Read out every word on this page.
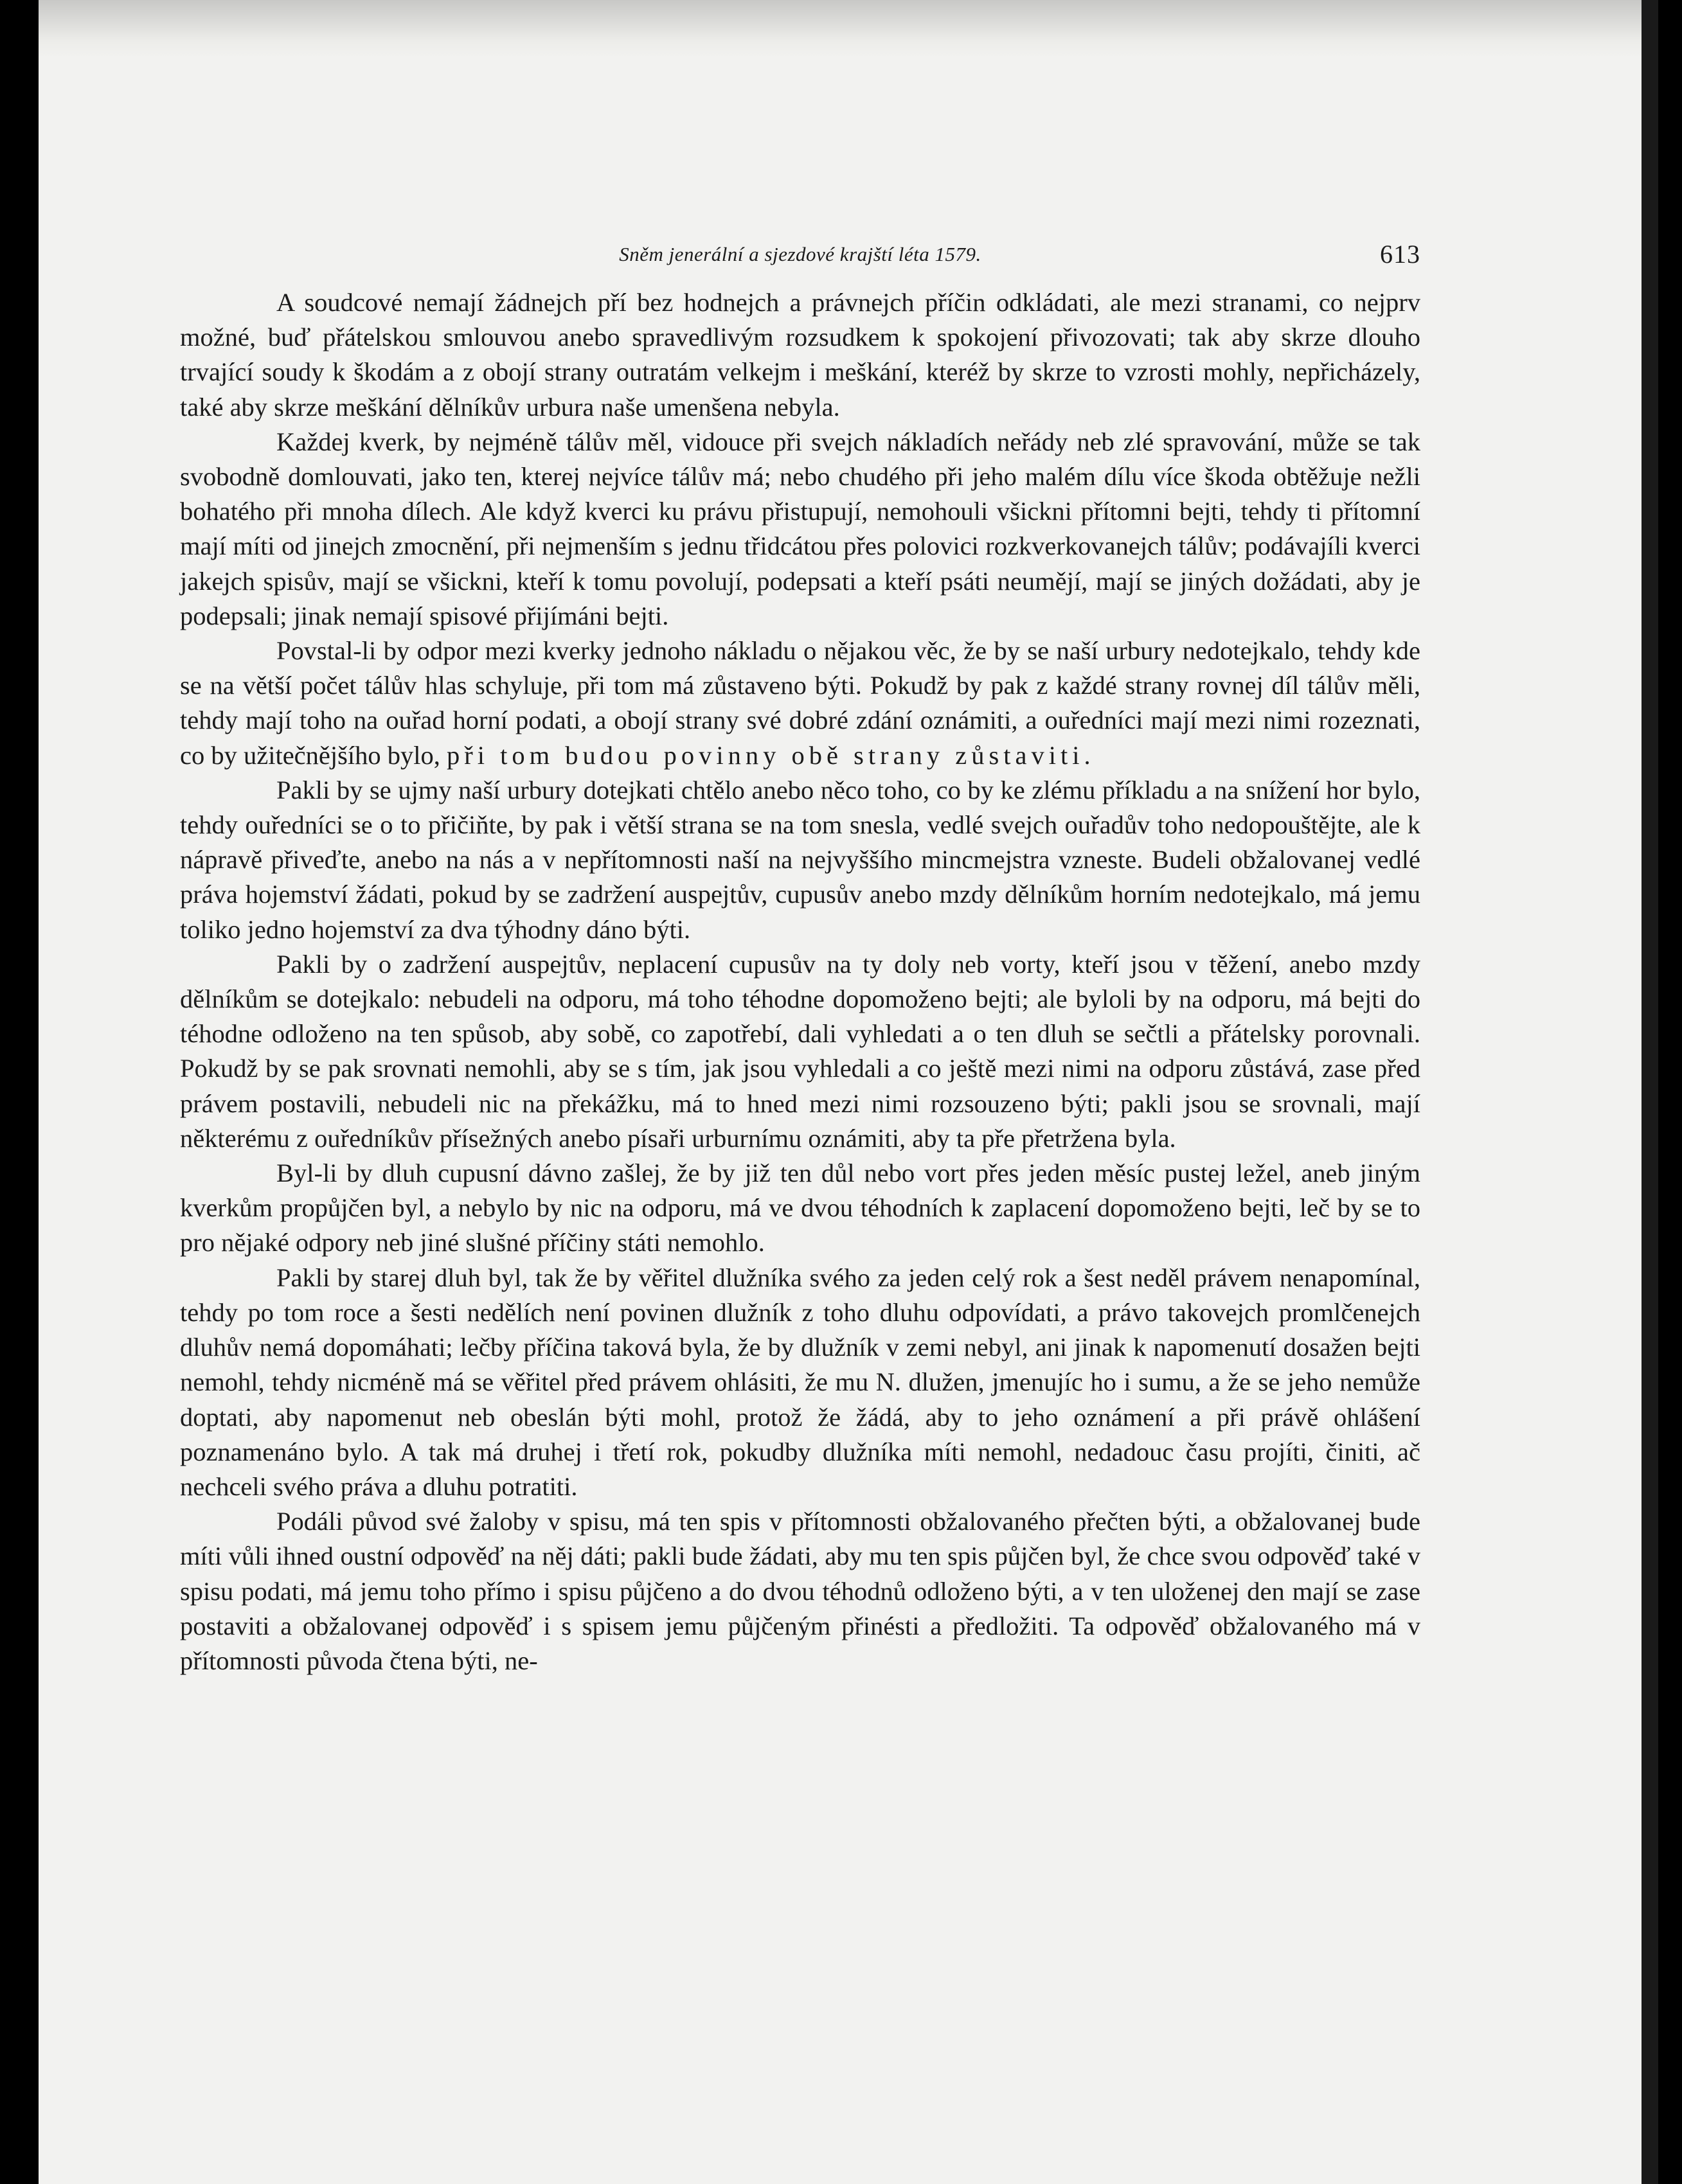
Sněm jenerální a sjezdové krajští léta 1579.	613

A soudcové nemají žádnejch pří bez hodnejch a právnejch příčin odkládati, ale mezi stranami, co nejprv možné, buď přátelskou smlouvou anebo spravedlivým rozsudkem k spokojení přivozovati; tak aby skrze dlouho trvající soudy k škodám a z obojí strany outratám velkejm i meškání, kteréž by skrze to vzrosti mohly, nepřicházely, také aby skrze meškání dělníkův urbura naše umenšena nebyla.

Každej kverk, by nejméně tálův měl, vidouce při svejch nákladích neřády neb zlé spravování, může se tak svobodně domlouvati, jako ten, kterej nejvíce tálův má; nebo chudého při jeho malém dílu více škoda obtěžuje nežli bohatého při mnoha dílech. Ale když kverci ku právu přistupují, nemohouli všickni přítomni bejti, tehdy ti přítomní mají míti od jinejch zmocnění, při nejmenším s jednu třidcátou přes polovici rozkverkovanejch tálův; podávajíli kverci jakejch spisův, mají se všickni, kteří k tomu povolují, podepsati a kteří psáti neumějí, mají se jiných dožádati, aby je podepsali; jinak nemají spisové přijímáni bejti.

Povstal-li by odpor mezi kverky jednoho nákladu o nějakou věc, že by se naší urbury nedotejkalo, tehdy kde se na větší počet tálův hlas schyluje, při tom má zůstaveno býti. Pokudž by pak z každé strany rovnej díl tálův měli, tehdy mají toho na ouřad horní podati, a obojí strany své dobré zdání oznámiti, a ouředníci mají mezi nimi rozeznati, co by užitečnějšího bylo, při tom budou povinny obě strany zůstaviti.

Pakli by se ujmy naší urbury dotejkati chtělo anebo něco toho, co by ke zlému příkladu a na snížení hor bylo, tehdy ouředníci se o to přičiňte, by pak i větší strana se na tom snesla, vedlé svejch ouřadův toho nedopouštějte, ale k nápravě přiveďte, anebo na nás a v nepřítomnosti naší na nejvyššího mincmejstra vzneste. Budeli obžalovanej vedlé práva hojemství žádati, pokud by se zadržení auspejtův, cupusův anebo mzdy dělníkům horním nedotejkalo, má jemu toliko jedno hojemství za dva týhodny dáno býti.

Pakli by o zadržení auspejtův, neplacení cupusův na ty doly neb vorty, kteří jsou v těžení, anebo mzdy dělníkům se dotejkalo: nebudeli na odporu, má toho téhodne dopomoženo bejti; ale byloli by na odporu, má bejti do téhodne odloženo na ten spůsob, aby sobě, co zapotřebí, dali vyhledati a o ten dluh se sečtli a přátelsky porovnali. Pokudž by se pak srovnati nemohli, aby se s tím, jak jsou vyhledali a co ještě mezi nimi na odporu zůstává, zase před právem postavili, nebudeli nic na překážku, má to hned mezi nimi rozsouzeno býti; pakli jsou se srovnali, mají některému z ouředníkův přísežných anebo písaři urburnímu oznámiti, aby ta pře přetržena byla.

Byl-li by dluh cupusní dávno zašlej, že by již ten důl nebo vort přes jeden měsíc pustej ležel, aneb jiným kverkům propůjčen byl, a nebylo by nic na odporu, má ve dvou téhodních k zaplacení dopomoženo bejti, leč by se to pro nějaké odpory neb jiné slušné příčiny státi nemohlo.

Pakli by starej dluh byl, tak že by věřitel dlužníka svého za jeden celý rok a šest neděl právem nenapomínal, tehdy po tom roce a šesti nedělích není povinen dlužník z toho dluhu odpovídati, a právo takovejch promlčenejch dluhův nemá dopomáhati; lečby příčina taková byla, že by dlužník v zemi nebyl, ani jinak k napomenutí dosažen bejti nemohl, tehdy nicméně má se věřitel před právem ohlásiti, že mu N. dlužen, jmenujíc ho i sumu, a že se jeho nemůže doptati, aby napomenut neb obeslán býti mohl, protož že žádá, aby to jeho oznámení a při právě ohlášení poznamenáno bylo. A tak má druhej i třetí rok, pokudby dlužníka míti nemohl, nedadouc času projíti, činiti, ač nechceli svého práva a dluhu potratiti.

Podáli původ své žaloby v spisu, má ten spis v přítomnosti obžalovaného přečten býti, a obžalovanej bude míti vůli ihned oustní odpověď na něj dáti; pakli bude žádati, aby mu ten spis půjčen byl, že chce svou odpověď také v spisu podati, má jemu toho přímo i spisu půjčeno a do dvou téhodnů odloženo býti, a v ten uloženej den mají se zase postaviti a obžalovanej odpověď i s spisem jemu půjčeným přinésti a předložiti. Ta odpověď obžalovaného má v přítomnosti původa čtena býti, ne-
